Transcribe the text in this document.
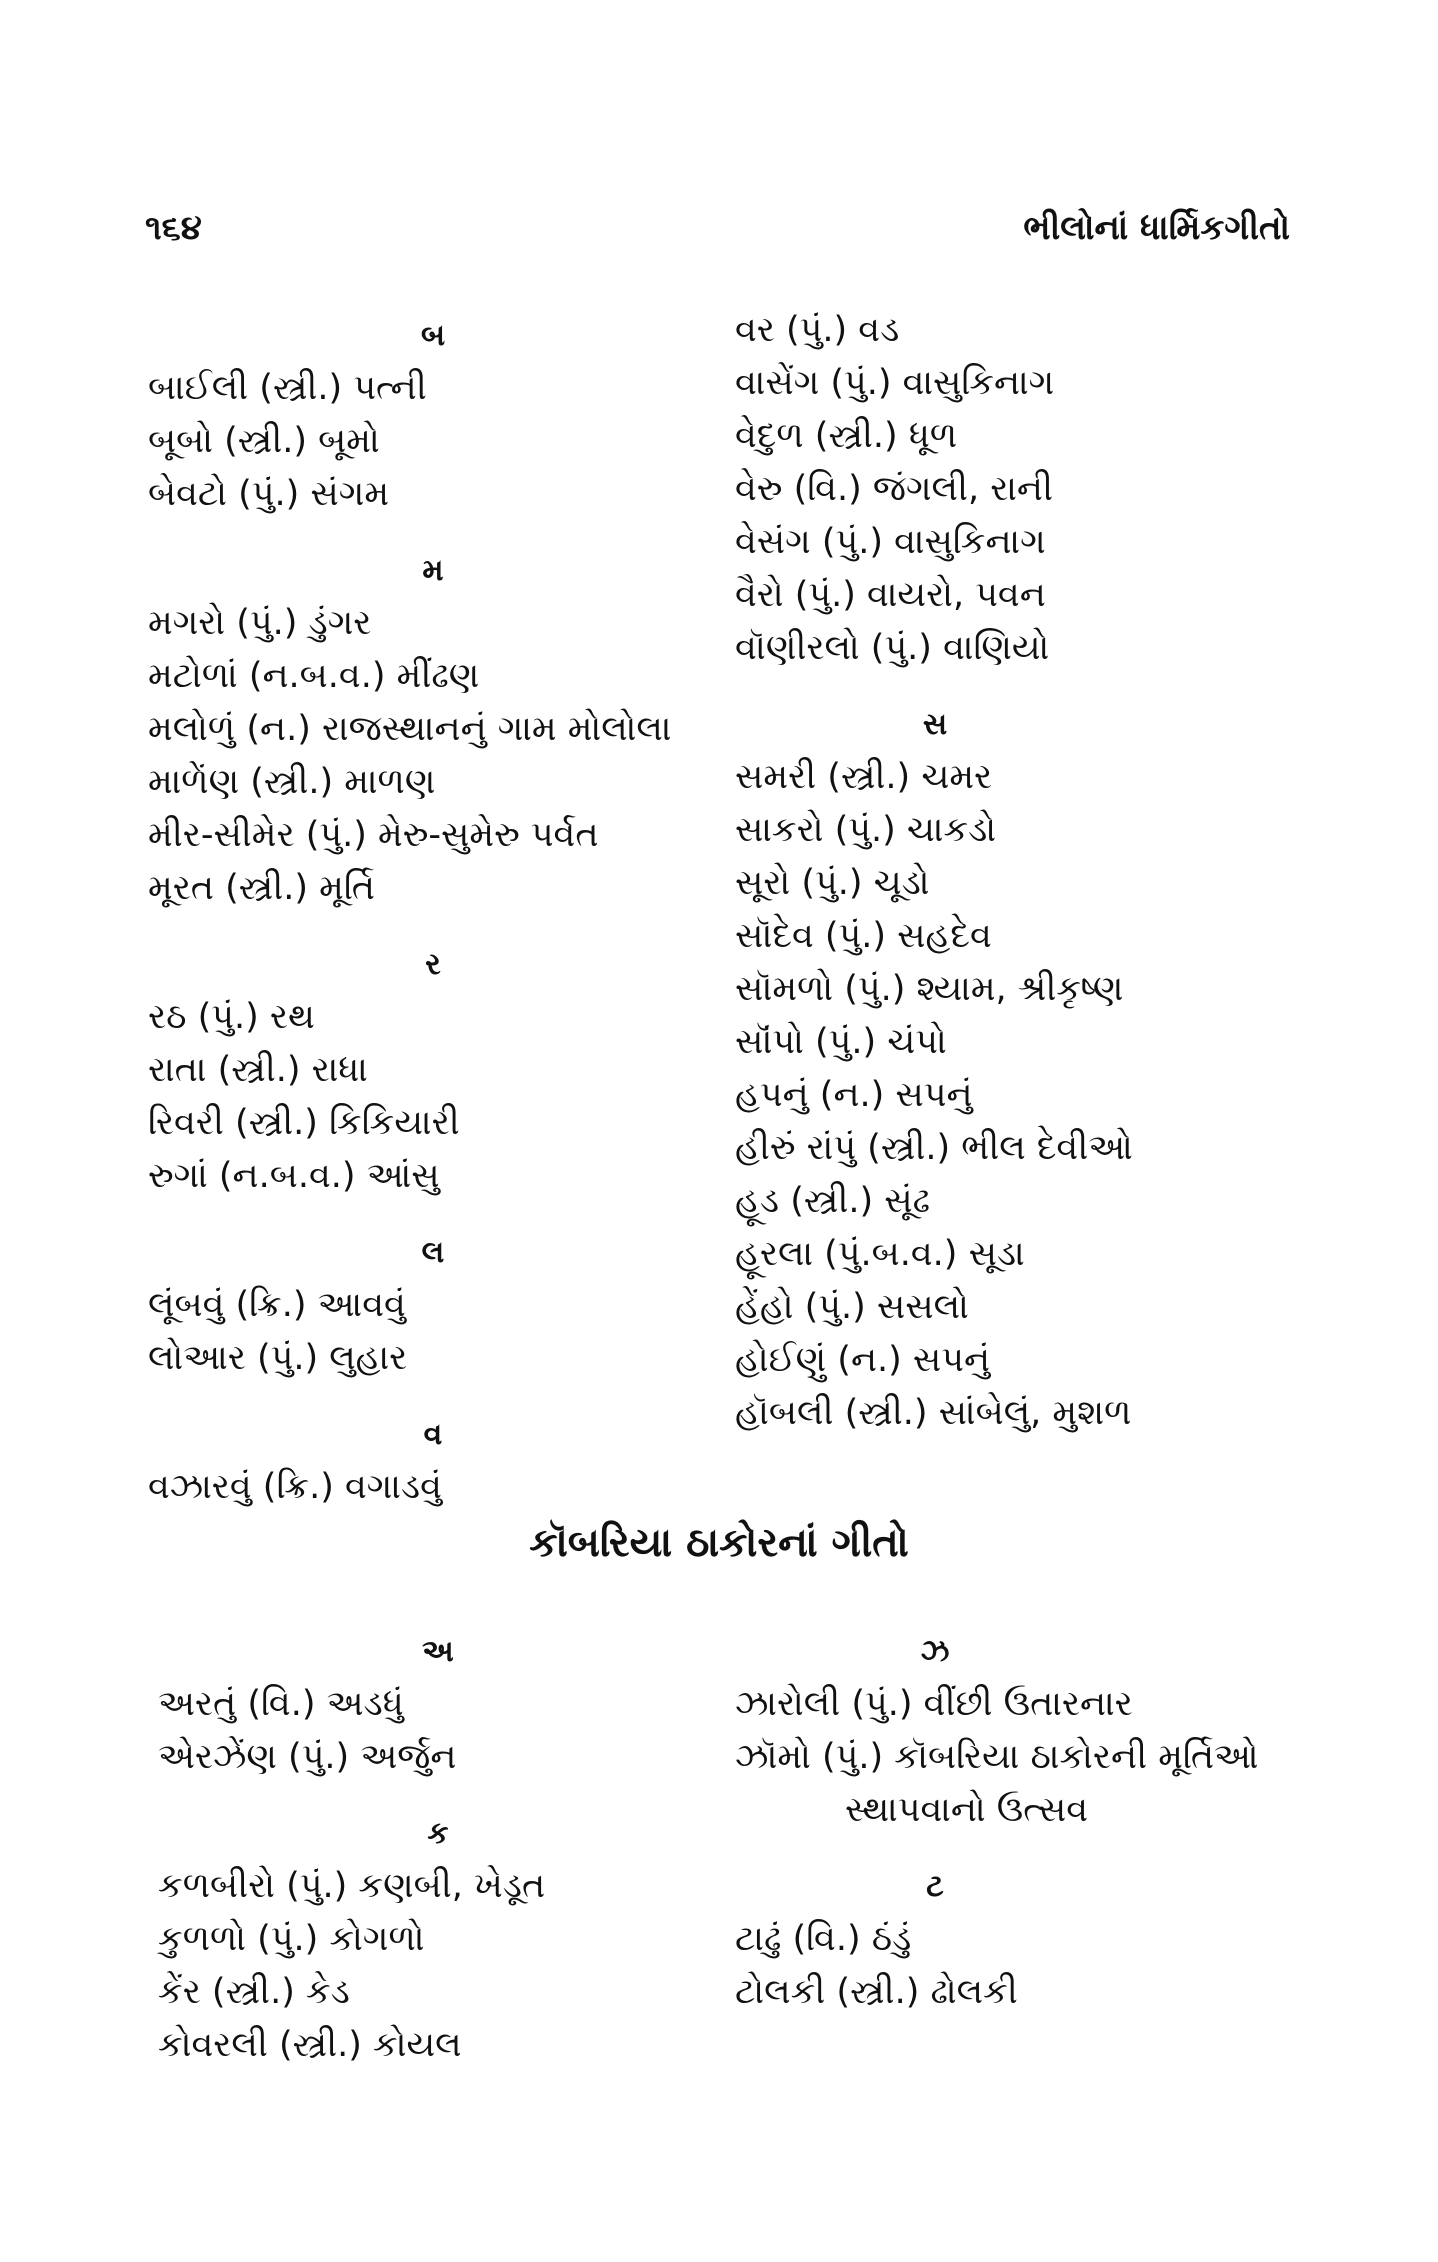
૧૬૪	ભીલોનાં ધાર્મિકગીતો
બ
બાઈલી (સ્ત્રી.) પત્ની
બૂબો (સ્ત્રી.) બૂમો
બેવટો (પું.) સંગમ
મ
મગરો (પું.) ડુંગર
મટોળાં (ન.બ.વ.) મીંઢણ
મલોળું (ન.) રાજસ્થાનનું ગામ મોલોલા
માળેંણ (સ્ત્રી.) માળણ
મીર-સીમેર (પું.) મેરુ-સુમેરુ પર્વત
મૂરત (સ્ત્રી.) મૂર્તિ
ર
રઠ (પું.) રથ
રાતા (સ્ત્રી.) રાધા
રિવરી (સ્ત્રી.) કિકિયારી
રુગાં (ન.બ.વ.) આંસુ
લ
લૂંબવું (ક્રિ.) આવવું
લોઆર (પું.) લુહાર
વ
વઝારવું (ક્રિ.) વગાડવું
વર (પું.) વડ
વાસેંગ (પું.) વાસુકિનાગ
વેદુળ (સ્ત્રી.) ધૂળ
વેરુ (વિ.) જંગલી, રાની
વેસંગ (પું.) વાસુકિનાગ
વૈરો (પું.) વાયરો, પવન
વૉણીરલો (પું.) વાણિયો
સ
સમરી (સ્ત્રી.) ચમર
સાકરો (પું.) ચાકડો
સૂરો (પું.) ચૂડો
સૉદેવ (પું.) સહદેવ
સૉમળો (પું.) શ્યામ, શ્રીકૃષ્ણ
સૉંપો (પું.) ચંપો
હપનું (ન.) સપનું
હીરું રાંપું (સ્ત્રી.) ભીલ દેવીઓ
હૂડ (સ્ત્રી.) સૂંઢ
હૂરલા (પું.બ.વ.) સૂડા
હેંહો (પું.) સસલો
હોઈણું (ન.) સપનું
હૉબલી (સ્ત્રી.) સાંબેલું, મુશળ
કૉબરિયા ઠાકોરનાં ગીતો
અ
અરતું (વિ.) અડધું
એરઝેંણ (પું.) અર્જુન
ક
કળબીરો (પું.) કણબી, ખેડૂત
કુળળો (પું.) કોગળો
કેંર (સ્ત્રી.) કેડ
કોવરલી (સ્ત્રી.) કોયલ
ઝ
ઝારોલી (પું.) વીંછી ઉતારનાર
ઝૉમો (પું.) કૉબરિયા ઠાકોરની મૂર્તિઓ
સ્થાપવાનો ઉત્સવ
ટ
ટાઢું (વિ.) ઠંડું
ટોલકી (સ્ત્રી.) ઢોલકી
